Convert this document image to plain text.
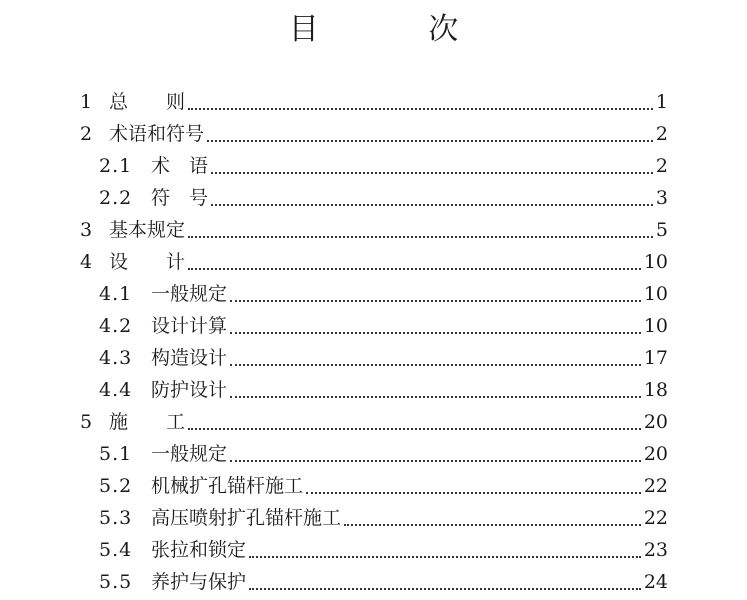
目 次
1 总　　则	1
2 术语和符号	2
2.1 术　语	2
2.2 符　号	3
3 基本规定	5
4 设　　计	10
4.1 一般规定	10
4.2 设计计算	10
4.3 构造设计	17
4.4 防护设计	18
5 施　　工	20
5.1 一般规定	20
5.2 机械扩孔锚杆施工	22
5.3 高压喷射扩孔锚杆施工	22
5.4 张拉和锁定	23
5.5 养护与保护	24
